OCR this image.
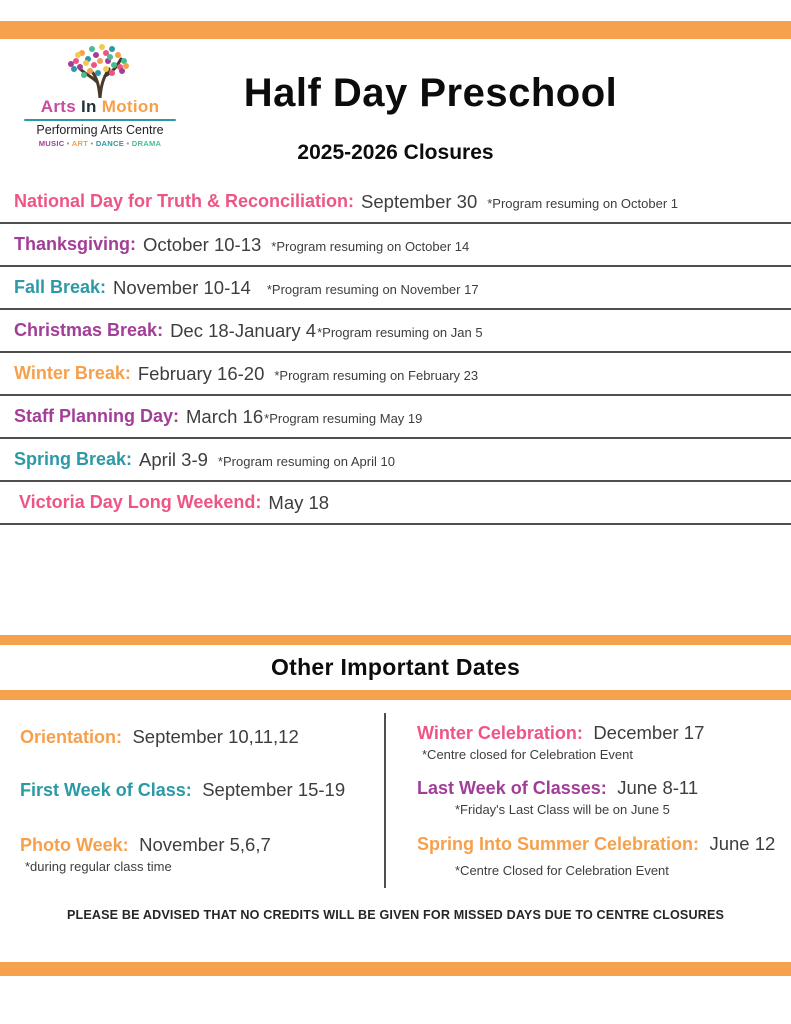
Arts In Motion
Performing Arts Centre
MUSIC • ART • DANCE • DRAMA
Half Day Preschool
2025-2026 Closures
National Day for Truth & Reconciliation: September 30 *Program resuming on October 1
Thanksgiving: October 10-13 *Program resuming on October 14
Fall Break: November 10-14 *Program resuming on November 17
Christmas Break: Dec 18-January 4 *Program resuming on Jan 5
Winter Break: February 16-20 *Program resuming on February 23
Staff Planning Day: March 16 *Program resuming May 19
Spring Break: April 3-9 *Program resuming on April 10
Victoria Day Long Weekend: May 18
Other Important Dates
Orientation: September 10,11,12
First Week of Class: September 15-19
Photo Week: November 5,6,7
*during regular class time
Winter Celebration: December 17
*Centre closed for Celebration Event
Last Week of Classes: June 8-11
*Friday's Last Class will be on June 5
Spring Into Summer Celebration: June 12
*Centre Closed for Celebration Event
PLEASE BE ADVISED THAT NO CREDITS WILL BE GIVEN FOR MISSED DAYS DUE TO CENTRE CLOSURES
